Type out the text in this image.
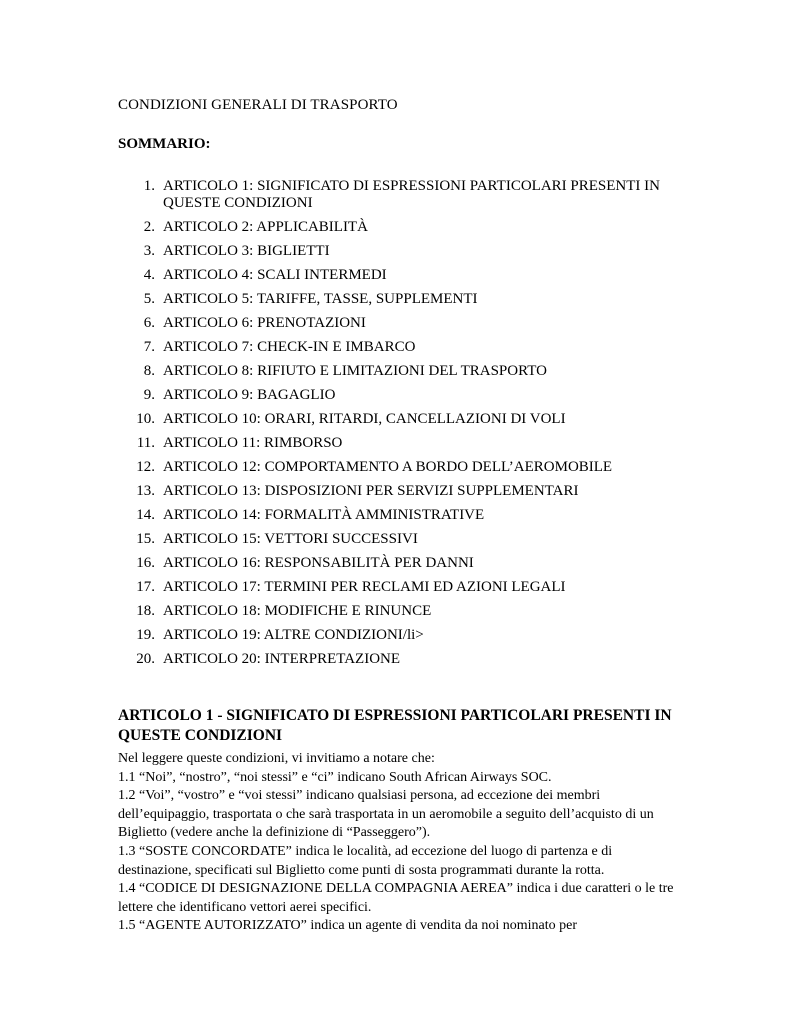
CONDIZIONI GENERALI DI TRASPORTO
SOMMARIO:
1. ARTICOLO 1: SIGNIFICATO DI ESPRESSIONI PARTICOLARI PRESENTI IN QUESTE CONDIZIONI
2. ARTICOLO 2: APPLICABILITÀ
3. ARTICOLO 3: BIGLIETTI
4. ARTICOLO 4: SCALI INTERMEDI
5. ARTICOLO 5: TARIFFE, TASSE, SUPPLEMENTI
6. ARTICOLO 6: PRENOTAZIONI
7. ARTICOLO 7: CHECK-IN E IMBARCO
8. ARTICOLO 8: RIFIUTO E LIMITAZIONI DEL TRASPORTO
9. ARTICOLO 9: BAGAGLIO
10. ARTICOLO 10: ORARI, RITARDI, CANCELLAZIONI DI VOLI
11. ARTICOLO 11: RIMBORSO
12. ARTICOLO 12: COMPORTAMENTO A BORDO DELL’AEROMOBILE
13. ARTICOLO 13: DISPOSIZIONI PER SERVIZI SUPPLEMENTARI
14. ARTICOLO 14: FORMALITÀ AMMINISTRATIVE
15. ARTICOLO 15: VETTORI SUCCESSIVI
16. ARTICOLO 16: RESPONSABILITÀ PER DANNI
17. ARTICOLO 17: TERMINI PER RECLAMI ED AZIONI LEGALI
18. ARTICOLO 18: MODIFICHE E RINUNCE
19. ARTICOLO 19: ALTRE CONDIZIONI/li>
20. ARTICOLO 20: INTERPRETAZIONE
ARTICOLO 1 - SIGNIFICATO DI ESPRESSIONI PARTICOLARI PRESENTI IN QUESTE CONDIZIONI

Nel leggere queste condizioni, vi invitiamo a notare che:

1.1 “Noi”, “nostro”, “noi stessi” e “ci” indicano South African Airways SOC.

1.2 “Voi”, “vostro” e “voi stessi” indicano qualsiasi persona, ad eccezione dei membri dell’equipaggio, trasportata o che sarà trasportata in un aeromobile a seguito dell’acquisto di un Biglietto (vedere anche la definizione di “Passeggero”).

1.3 “SOSTE CONCORDATE” indica le località, ad eccezione del luogo di partenza e di destinazione, specificati sul Biglietto come punti di sosta programmati durante la rotta.

1.4 “CODICE DI DESIGNAZIONE DELLA COMPAGNIA AEREA” indica i due caratteri o le tre lettere che identificano vettori aerei specifici.

1.5 “AGENTE AUTORIZZATO” indica un agente di vendita da noi nominato per
